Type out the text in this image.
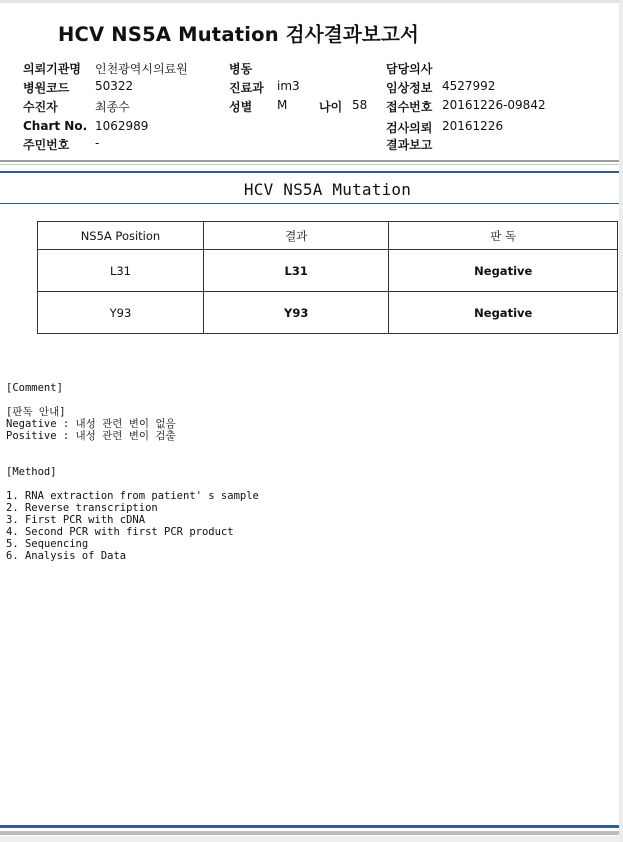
HCV NS5A Mutation 검사결과보고서
의뢰기관명 인천광역시의료원
병원코드 50322
수진자	최종수
Chart No. 1062989
주민번호 -
병동
진료과 im3
성별 M	나이 58
담당의사
임상정보 4527992
접수번호 20161226-09842
검사의뢰 20161226
결과보고
HCV NS5A Mutation
NS5A Position	결과	판 독
L31	L31	Negative
Y93	Y93	Negative
[Comment]
[판독 안내]
Negative : 내성 관련 변이 없음
Positive : 내성 관련 변이 검출
[Method]
1. RNA extraction from patient' s sample
2. Reverse transcription
3. First PCR with cDNA
4. Second PCR with first PCR product
5. Sequencing
6. Analysis of Data
